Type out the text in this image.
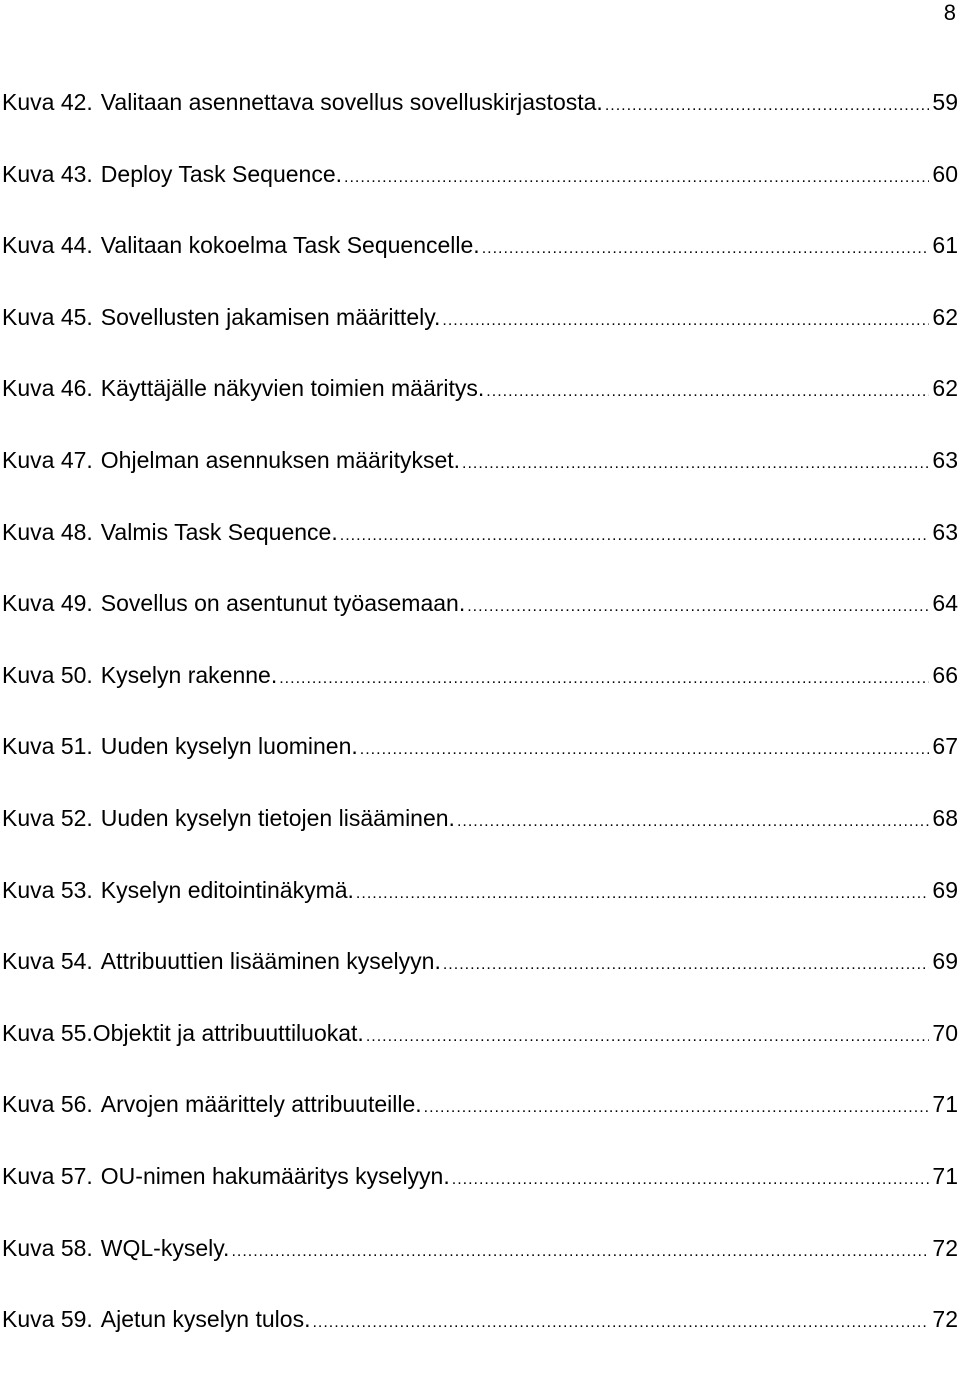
8
Kuva 42. Valitaan asennettava sovellus sovelluskirjastosta. .....	59
Kuva 43. Deploy Task Sequence. .....	60
Kuva 44. Valitaan kokoelma Task Sequencelle. .....	61
Kuva 45. Sovellusten jakamisen määrittely. .....	62
Kuva 46. Käyttäjälle näkyvien toimien määritys. .....	62
Kuva 47. Ohjelman asennuksen määritykset. .....	63
Kuva 48. Valmis Task Sequence. .....	63
Kuva 49. Sovellus on asentunut työasemaan. .....	64
Kuva 50. Kyselyn rakenne. .....	66
Kuva 51. Uuden kyselyn luominen. .....	67
Kuva 52. Uuden kyselyn tietojen lisääminen. .....	68
Kuva 53. Kyselyn editointinäkymä. .....	69
Kuva 54. Attribuuttien lisääminen kyselyyn. .....	69
Kuva 55. Objektit ja attribuuttiluokat. .....	70
Kuva 56. Arvojen määrittely attribuuteille. .....	71
Kuva 57. OU-nimen hakumääritys kyselyyn. .....	71
Kuva 58. WQL-kysely. .....	72
Kuva 59. Ajetun kyselyn tulos. .....	72
